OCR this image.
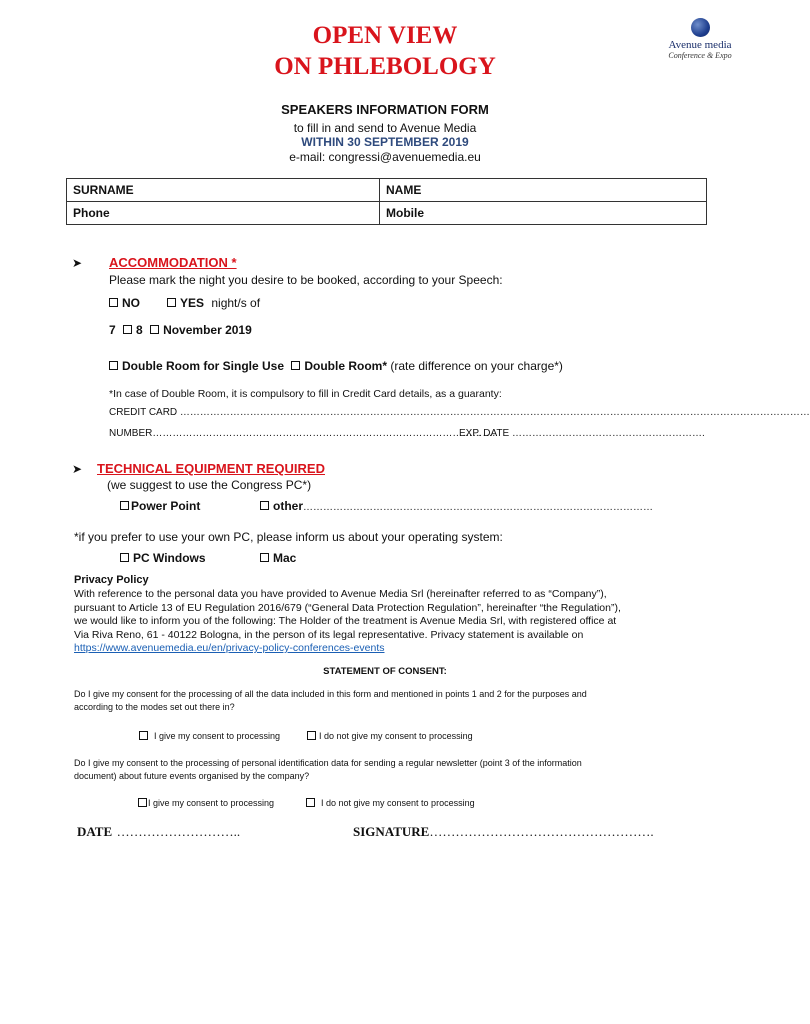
OPEN VIEW
ON PHLEBOLOGY
Avenue media
Conference & Expo
SPEAKERS INFORMATION FORM
to fill in and send to Avenue Media
WITHIN 30 SEPTEMBER 2019
e-mail: congressi@avenuemedia.eu
SURNAME	NAME
Phone	Mobile
➤ ACCOMMODATION *
Please mark the night you desire to be booked, according to your Speech:
NO	YES night/s of
7 8 November 2019
Double Room for Single Use Double Room* (rate difference on your charge*)
*In case of Double Room, it is compulsory to fill in Credit Card details, as a guaranty:
CREDIT CARD ………………………………………………………………………………………………………………………………………………………………………
NUMBER…………………………………………………………………………………………..
EXP. DATE ………………………………………………….
➤ TECHNICAL EQUIPMENT REQUIRED
(we suggest to use the Congress PC*)
Power Point	other……………………………………………………………………………………………
*if you prefer to use your own PC, please inform us about your operating system:
PC Windows	Mac
Privacy Policy
With reference to the personal data you have provided to Avenue Media Srl (hereinafter referred to as “Company”),
pursuant to Article 13 of EU Regulation 2016/679 (“General Data Protection Regulation”, hereinafter “the Regulation”),
we would like to inform you of the following: The Holder of the treatment is Avenue Media Srl, with registered office at
Via Riva Reno, 61 - 40122 Bologna, in the person of its legal representative. Privacy statement is available on
https://www.avenuemedia.eu/en/privacy-policy-conferences-events
STATEMENT OF CONSENT:
Do I give my consent for the processing of all the data included in this form and mentioned in points 1 and 2 for the purposes and
according to the modes set out there in?
I give my consent to processing	I do not give my consent to processing
Do I give my consent to the processing of personal identification data for sending a regular newsletter (point 3 of the information
document) about future events organised by the company?
I give my consent to processing	I do not give my consent to processing
DATE ………………………..	SIGNATURE…………………………………………….
